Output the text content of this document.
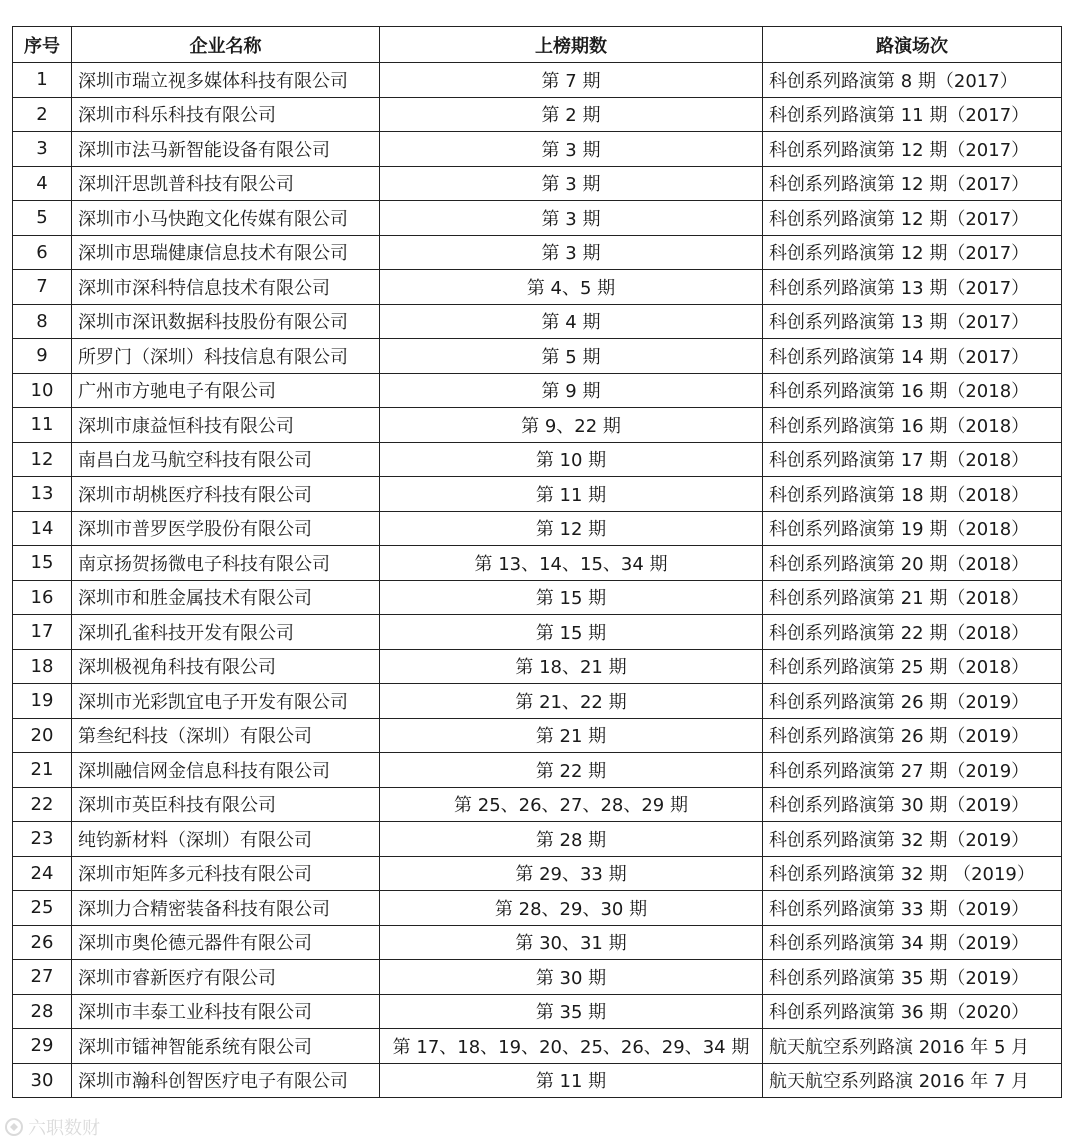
序号	企业名称	上榜期数	路演场次
1	深圳市瑞立视多媒体科技有限公司	第 7 期	科创系列路演第 8 期（2017）
2	深圳市科乐科技有限公司	第 2 期	科创系列路演第 11 期（2017）
3	深圳市法马新智能设备有限公司	第 3 期	科创系列路演第 12 期（2017）
4	深圳汗思凯普科技有限公司	第 3 期	科创系列路演第 12 期（2017）
5	深圳市小马快跑文化传媒有限公司	第 3 期	科创系列路演第 12 期（2017）
6	深圳市思瑞健康信息技术有限公司	第 3 期	科创系列路演第 12 期（2017）
7	深圳市深科特信息技术有限公司	第 4、5 期	科创系列路演第 13 期（2017）
8	深圳市深讯数据科技股份有限公司	第 4 期	科创系列路演第 13 期（2017）
9	所罗门（深圳）科技信息有限公司	第 5 期	科创系列路演第 14 期（2017）
10	广州市方驰电子有限公司	第 9 期	科创系列路演第 16 期（2018）
11	深圳市康益恒科技有限公司	第 9、22 期	科创系列路演第 16 期（2018）
12	南昌白龙马航空科技有限公司	第 10 期	科创系列路演第 17 期（2018）
13	深圳市胡桃医疗科技有限公司	第 11 期	科创系列路演第 18 期（2018）
14	深圳市普罗医学股份有限公司	第 12 期	科创系列路演第 19 期（2018）
15	南京扬贺扬微电子科技有限公司	第 13、14、15、34 期	科创系列路演第 20 期（2018）
16	深圳市和胜金属技术有限公司	第 15 期	科创系列路演第 21 期（2018）
17	深圳孔雀科技开发有限公司	第 15 期	科创系列路演第 22 期（2018）
18	深圳极视角科技有限公司	第 18、21 期	科创系列路演第 25 期（2018）
19	深圳市光彩凯宜电子开发有限公司	第 21、22 期	科创系列路演第 26 期（2019）
20	第叁纪科技（深圳）有限公司	第 21 期	科创系列路演第 26 期（2019）
21	深圳融信网金信息科技有限公司	第 22 期	科创系列路演第 27 期（2019）
22	深圳市英臣科技有限公司	第 25、26、27、28、29 期	科创系列路演第 30 期（2019）
23	纯钧新材料（深圳）有限公司	第 28 期	科创系列路演第 32 期（2019）
24	深圳市矩阵多元科技有限公司	第 29、33 期	科创系列路演第 32 期 （2019）
25	深圳力合精密装备科技有限公司	第 28、29、30 期	科创系列路演第 33 期（2019）
26	深圳市奥伦德元器件有限公司	第 30、31 期	科创系列路演第 34 期（2019）
27	深圳市睿新医疗有限公司	第 30 期	科创系列路演第 35 期（2019）
28	深圳市丰泰工业科技有限公司	第 35 期	科创系列路演第 36 期（2020）
29	深圳市镭神智能系统有限公司	第 17、18、19、20、25、26、29、34 期	航天航空系列路演 2016 年 5 月
30	深圳市瀚科创智医疗电子有限公司	第 11 期	航天航空系列路演 2016 年 7 月
六职数财
